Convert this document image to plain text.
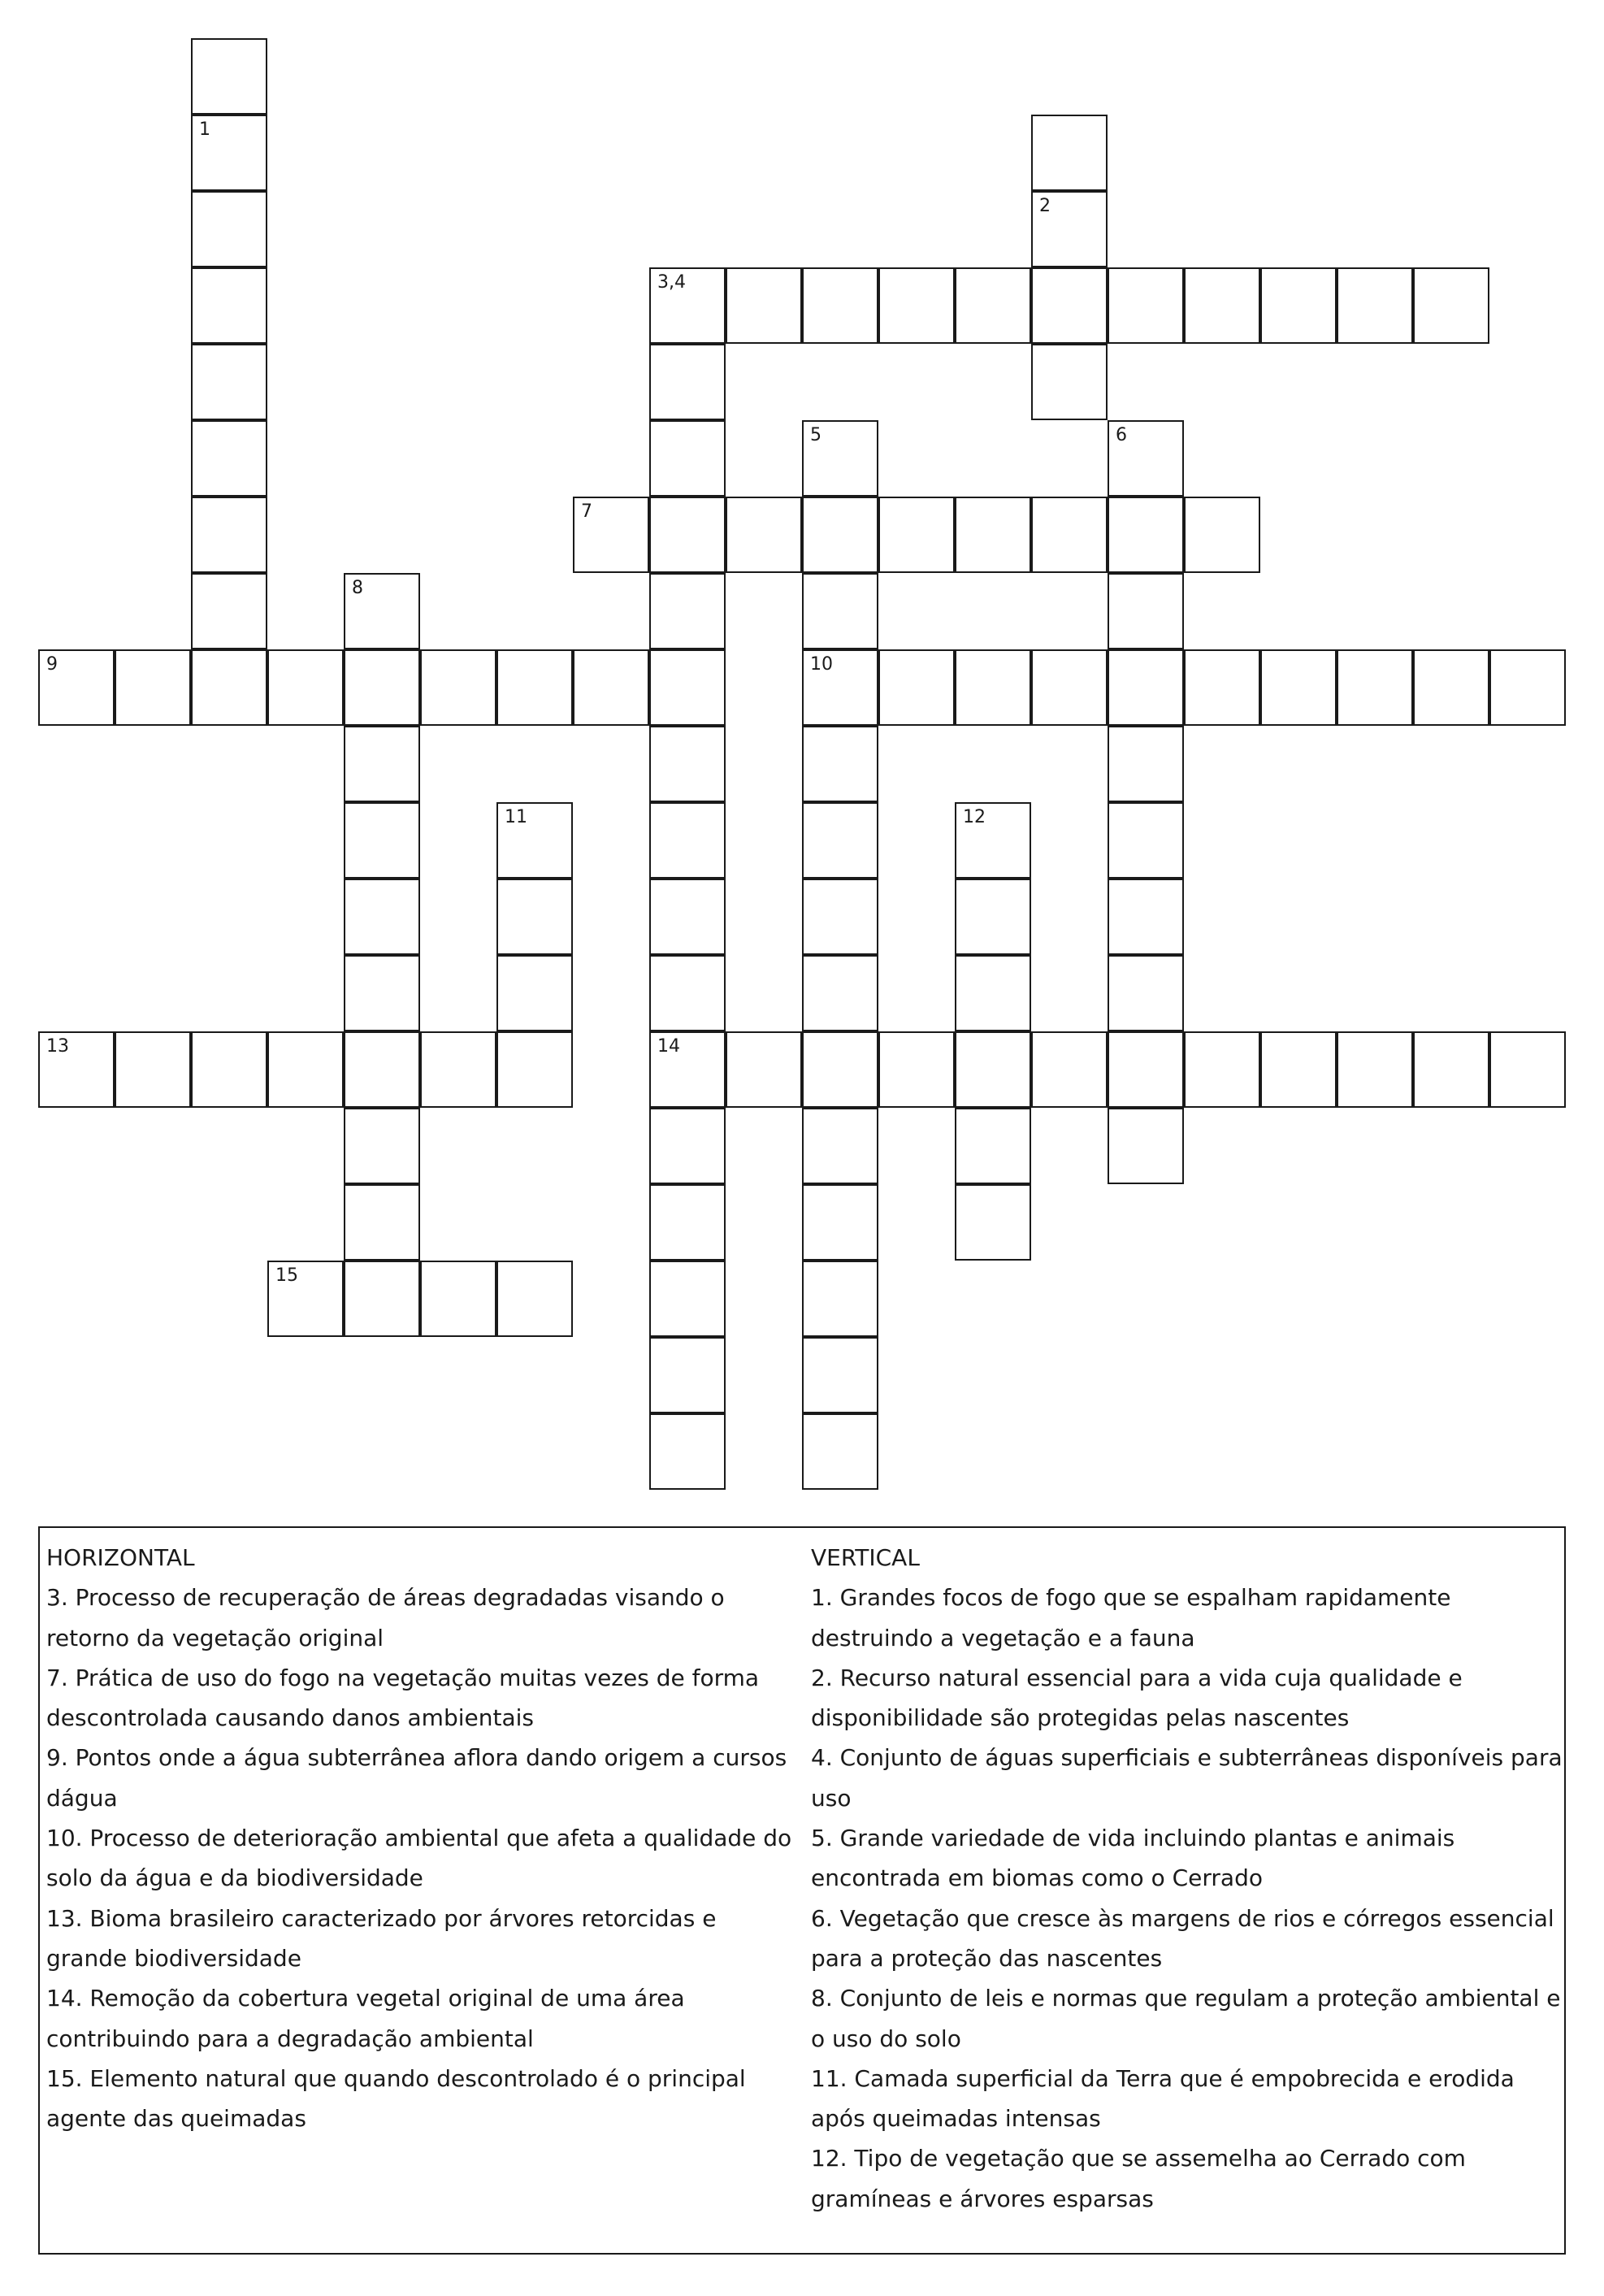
3,4
7
9	10
13	14
15
1
2
5	6
8
11	12
HORIZONTAL
3. Processo de recuperação de áreas degradadas visando o retorno da vegetação original
7. Prática de uso do fogo na vegetação muitas vezes de forma descontrolada causando danos ambientais
9. Pontos onde a água subterrânea aflora dando origem a cursos dágua
10. Processo de deterioração ambiental que afeta a qualidade do solo da água e da biodiversidade
13. Bioma brasileiro caracterizado por árvores retorcidas e grande biodiversidade
14. Remoção da cobertura vegetal original de uma área contribuindo para a degradação ambiental
15. Elemento natural que quando descontrolado é o principal agente das queimadas
VERTICAL
1. Grandes focos de fogo que se espalham rapidamente destruindo a vegetação e a fauna
2. Recurso natural essencial para a vida cuja qualidade e disponibilidade são protegidas pelas nascentes
4. Conjunto de águas superficiais e subterrâneas disponíveis para uso
5. Grande variedade de vida incluindo plantas e animais encontrada em biomas como o Cerrado
6. Vegetação que cresce às margens de rios e córregos essencial para a proteção das nascentes
8. Conjunto de leis e normas que regulam a proteção ambiental e o uso do solo
11. Camada superficial da Terra que é empobrecida e erodida após queimadas intensas
12. Tipo de vegetação que se assemelha ao Cerrado com gramíneas e árvores esparsas
